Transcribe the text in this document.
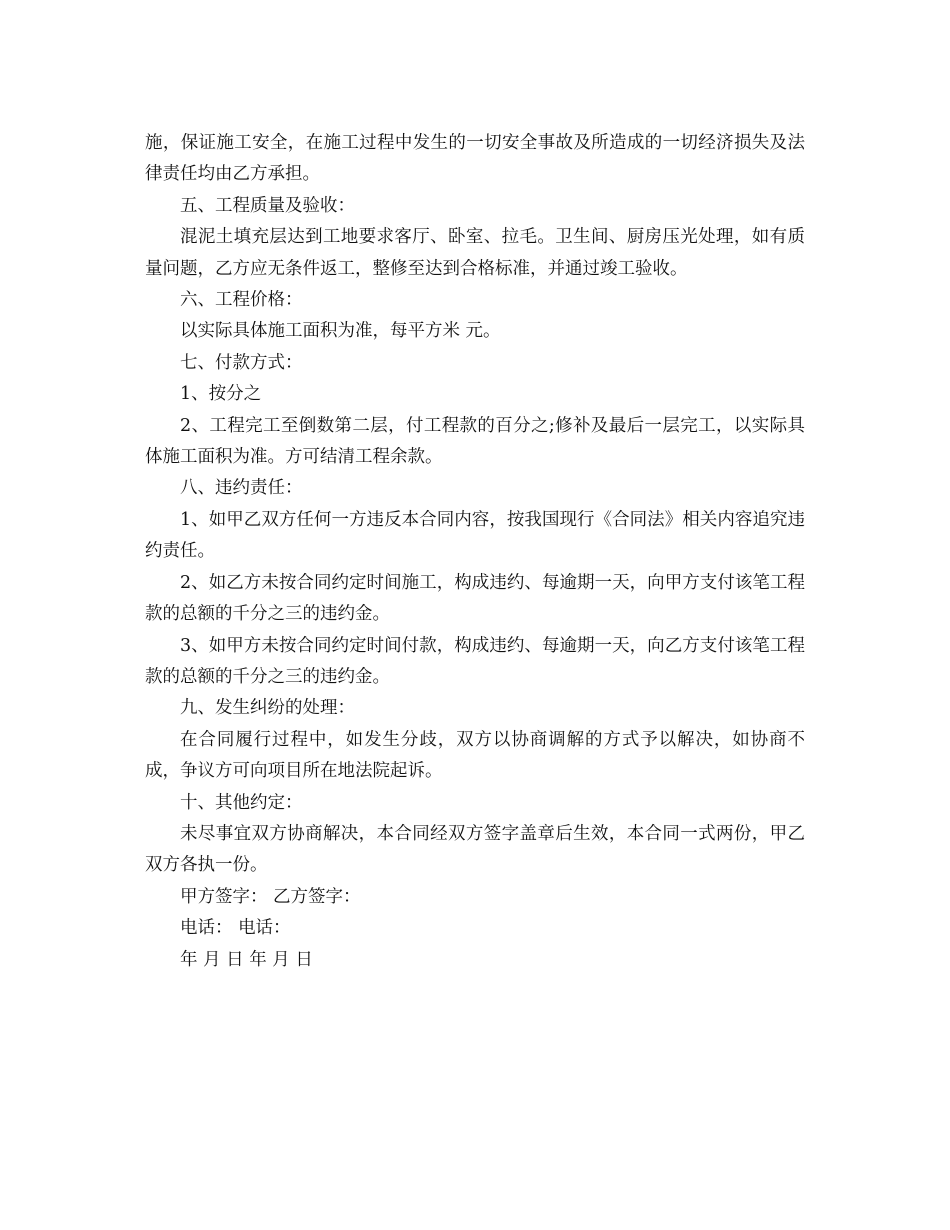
施，保证施工安全，在施工过程中发生的一切安全事故及所造成的一切经济损失及法律责任均由乙方承担。

五、工程质量及验收：

混泥土填充层达到工地要求客厅、卧室、拉毛。卫生间、厨房压光处理，如有质量问题，乙方应无条件返工，整修至达到合格标准，并通过竣工验收。

六、工程价格：

以实际具体施工面积为准，每平方米 元。

七、付款方式：

1、按分之

2、工程完工至倒数第二层，付工程款的百分之;修补及最后一层完工，以实际具体施工面积为准。方可结清工程余款。

八、违约责任：

1、如甲乙双方任何一方违反本合同内容，按我国现行《合同法》相关内容追究违约责任。

2、如乙方未按合同约定时间施工，构成违约、每逾期一天，向甲方支付该笔工程款的总额的千分之三的违约金。

3、如甲方未按合同约定时间付款，构成违约、每逾期一天，向乙方支付该笔工程款的总额的千分之三的违约金。

九、发生纠纷的处理：

在合同履行过程中，如发生分歧，双方以协商调解的方式予以解决，如协商不成，争议方可向项目所在地法院起诉。

十、其他约定：

未尽事宜双方协商解决，本合同经双方签字盖章后生效，本合同一式两份，甲乙双方各执一份。

甲方签字： 乙方签字：

电话： 电话：

年 月 日 年 月 日
